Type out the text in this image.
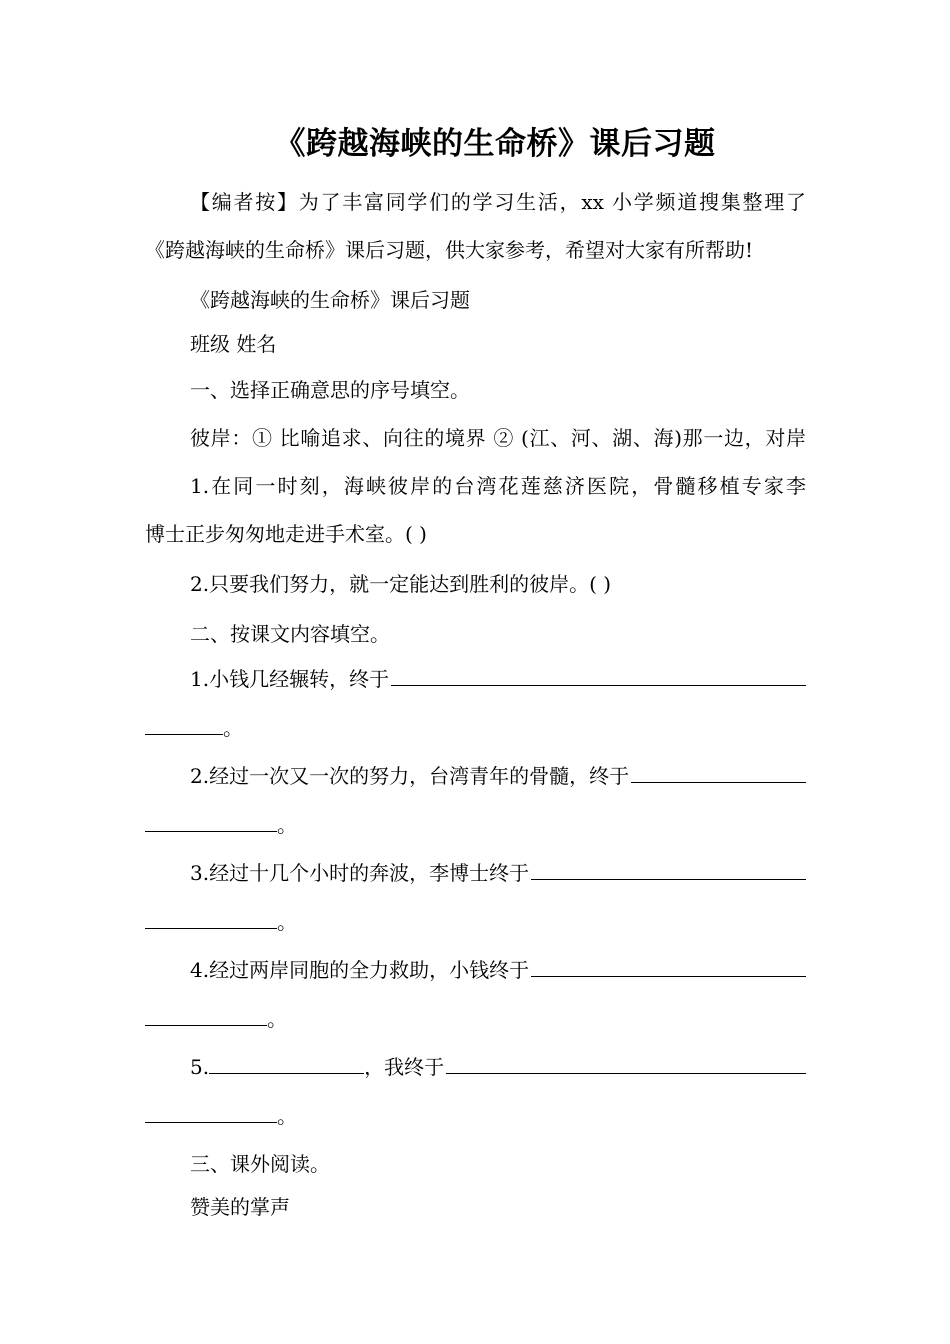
《跨越海峡的生命桥》课后习题
【编者按】为了丰富同学们的学习生活，xx 小学频道搜集整理了
《跨越海峡的生命桥》课后习题，供大家参考，希望对大家有所帮助!
《跨越海峡的生命桥》课后习题
班级 姓名
一、选择正确意思的序号填空。
彼岸：① 比喻追求、向往的境界 ② (江、河、湖、海)那一边，对岸
1.在同一时刻，海峡彼岸的台湾花莲慈济医院，骨髓移植专家李
博士正步匆匆地走进手术室。( )
2.只要我们努力，就一定能达到胜利的彼岸。( )
二、按课文内容填空。
1.小钱几经辗转，终于
。
2.经过一次又一次的努力，台湾青年的骨髓，终于
。
3.经过十几个小时的奔波，李博士终于
。
4.经过两岸同胞的全力救助，小钱终于
。
5.	，我终于
。
三、课外阅读。
赞美的掌声
